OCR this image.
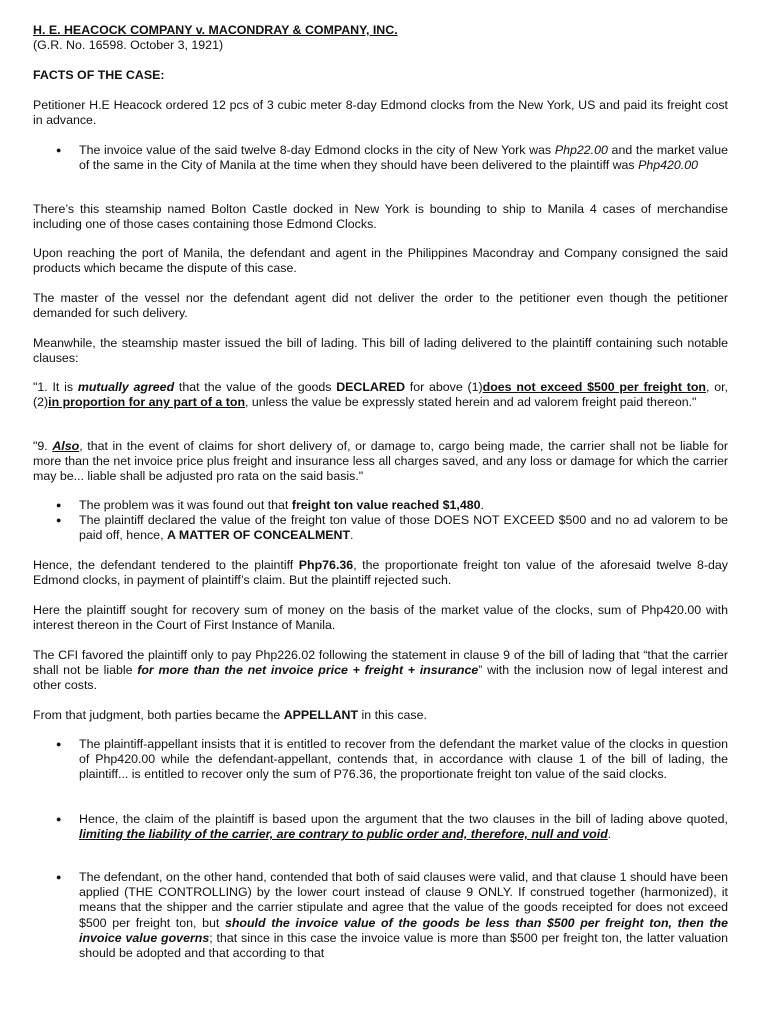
H. E. HEACOCK COMPANY v. MACONDRAY & COMPANY, INC.

(G.R. No. 16598. October 3, 1921)

FACTS OF THE CASE:

Petitioner H.E Heacock ordered 12 pcs of 3 cubic meter 8-day Edmond clocks from the New York, US and paid its freight cost in advance.

● The invoice value of the said twelve 8-day Edmond clocks in the city of New York was Php22.00 and the market value of the same in the City of Manila at the time when they should have been delivered to the plaintiff was Php420.00

There’s this steamship named Bolton Castle docked in New York is bounding to ship to Manila 4 cases of merchandise including one of those cases containing those Edmond Clocks.

Upon reaching the port of Manila, the defendant and agent in the Philippines Macondray and Company consigned the said products which became the dispute of this case.

The master of the vessel nor the defendant agent did not deliver the order to the petitioner even though the petitioner demanded for such delivery.

Meanwhile, the steamship master issued the bill of lading. This bill of lading delivered to the plaintiff containing such notable clauses:

"1. It is mutually agreed that the value of the goods DECLARED for above (1)does not exceed $500 per freight ton, or, (2)in proportion for any part of a ton, unless the value be expressly stated herein and ad valorem freight paid thereon."

"9. Also, that in the event of claims for short delivery of, or damage to, cargo being made, the carrier shall not be liable for more than the net invoice price plus freight and insurance less all charges saved, and any loss or damage for which the carrier may be... liable shall be adjusted pro rata on the said basis."

● The problem was it was found out that freight ton value reached $1,480.
● The plaintiff declared the value of the freight ton value of those DOES NOT EXCEED $500 and no ad valorem to be paid off, hence, A MATTER OF CONCEALMENT.

Hence, the defendant tendered to the plaintiff Php76.36, the proportionate freight ton value of the aforesaid twelve 8-day Edmond clocks, in payment of plaintiff’s claim. But the plaintiff rejected such.

Here the plaintiff sought for recovery sum of money on the basis of the market value of the clocks, sum of Php420.00 with interest thereon in the Court of First Instance of Manila.

The CFI favored the plaintiff only to pay Php226.02 following the statement in clause 9 of the bill of lading that “that the carrier shall not be liable for more than the net invoice price + freight + insurance” with the inclusion now of legal interest and other costs.

From that judgment, both parties became the APPELLANT in this case.

● The plaintiff-appellant insists that it is entitled to recover from the defendant the market value of the clocks in question of Php420.00 while the defendant-appellant, contends that, in accordance with clause 1 of the bill of lading, the plaintiff... is entitled to recover only the sum of P76.36, the proportionate freight ton value of the said clocks.
● Hence, the claim of the plaintiff is based upon the argument that the two clauses in the bill of lading above quoted, limiting the liability of the carrier, are contrary to public order and, therefore, null and void.
● The defendant, on the other hand, contended that both of said clauses were valid, and that clause 1 should have been applied (THE CONTROLLING) by the lower court instead of clause 9 ONLY. If construed together (harmonized), it means that the shipper and the carrier stipulate and agree that the value of the goods receipted for does not exceed $500 per freight ton, but should the invoice value of the goods be less than $500 per freight ton, then the invoice value governs; that since in this case the invoice value is more than $500 per freight ton, the latter valuation should be adopted and that according to that
